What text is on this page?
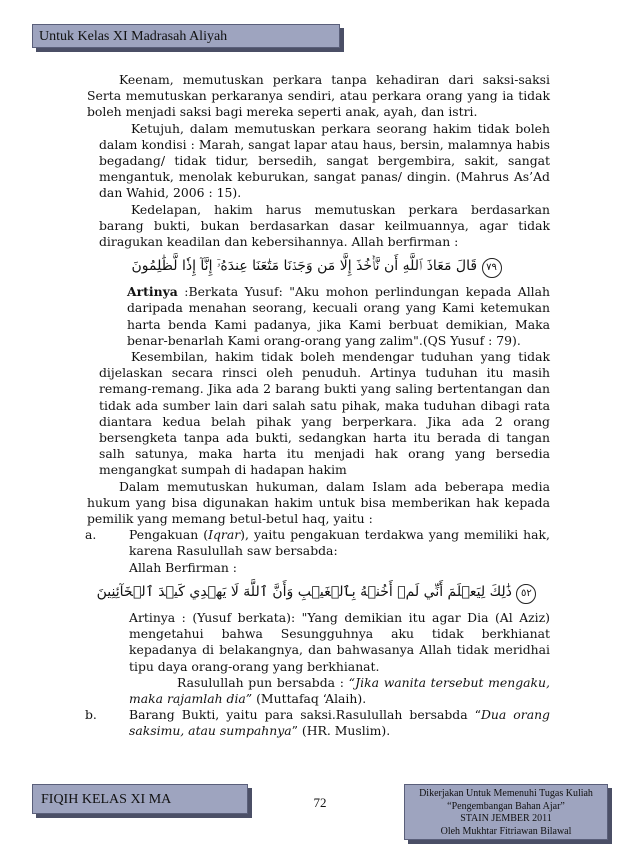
Untuk Kelas XI Madrasah Aliyah

Keenam, memutuskan perkara tanpa kehadiran dari saksi-saksi Serta memutuskan perkaranya sendiri, atau perkara orang yang ia tidak boleh menjadi saksi bagi mereka seperti anak, ayah, dan istri.

Ketujuh, dalam memutuskan perkara seorang hakim tidak boleh dalam kondisi : Marah, sangat lapar atau haus, bersin, malamnya habis begadang/ tidak tidur, bersedih, sangat bergembira, sakit, sangat mengantuk, menolak keburukan, sangat panas/ dingin. (Mahrus As’Ad dan Wahid, 2006 : 15).

Kedelapan, hakim harus memutuskan perkara berdasarkan barang bukti, bukan berdasarkan dasar keilmuannya, agar tidak diragukan keadilan dan kebersihannya. Allah berfirman :

٧٩ قَالَ مَعَاذَ ٱللَّهِ أَن نَّأۡخُذَ إِلَّا مَن وَجَدۡنَا مَتَٰعَنَا عِندَهُۥٓ إِنَّآ إِذٗا لَّظَٰلِمُونَ

Artinya :Berkata Yusuf: "Aku mohon perlindungan kepada Allah daripada menahan seorang, kecuali orang yang Kami ketemukan harta benda Kami padanya, jika Kami berbuat demikian, Maka benar-benarlah Kami orang-orang yang zalim".(QS Yusuf : 79).

Kesembilan, hakim tidak boleh mendengar tuduhan yang tidak dijelaskan secara rinsci oleh penuduh. Artinya tuduhan itu masih remang-remang. Jika ada 2 barang bukti yang saling bertentangan dan tidak ada sumber lain dari salah satu pihak, maka tuduhan dibagi rata diantara kedua belah pihak yang berperkara. Jika ada 2 orang bersengketa tanpa ada bukti, sedangkan harta itu berada di tangan salh satunya, maka harta itu menjadi hak orang yang bersedia mengangkat sumpah di hadapan hakim

Dalam memutuskan hukuman, dalam Islam ada beberapa media hukum yang bisa digunakan hakim untuk bisa memberikan hak kepada pemilik yang memang betul-betul haq, yaitu :

a.	Pengakuan (Iqrar), yaitu pengakuan terdakwa yang memiliki hak, karena Rasulullah saw bersabda:

Allah Berfirman :

٥٢ ذَٰلِكَ لِيَعۡلَمَ أَنِّي لَمۡ أَخُنۡهُ بِٱلۡغَيۡبِ وَأَنَّ ٱللَّهَ لَا يَهۡدِي كَيۡدَ ٱلۡخَآئِنِينَ

Artinya : (Yusuf berkata): "Yang demikian itu agar Dia (Al Aziz) mengetahui bahwa Sesungguhnya aku tidak berkhianat kepadanya di belakangnya, dan bahwasanya Allah tidak meridhai tipu daya orang-orang yang berkhianat.

Rasulullah pun bersabda : “Jika wanita tersebut mengaku, maka rajamlah dia” (Muttafaq ‘Alaih).

b.	Barang Bukti, yaitu para saksi.Rasulullah bersabda “Dua orang saksimu, atau sumpahnya” (HR. Muslim).

FIQIH KELAS XI MA	72
Dikerjakan Untuk Memenuhi Tugas Kuliah
“Pengembangan Bahan Ajar”
STAIN JEMBER 2011
Oleh Mukhtar Fitriawan Bilawal
